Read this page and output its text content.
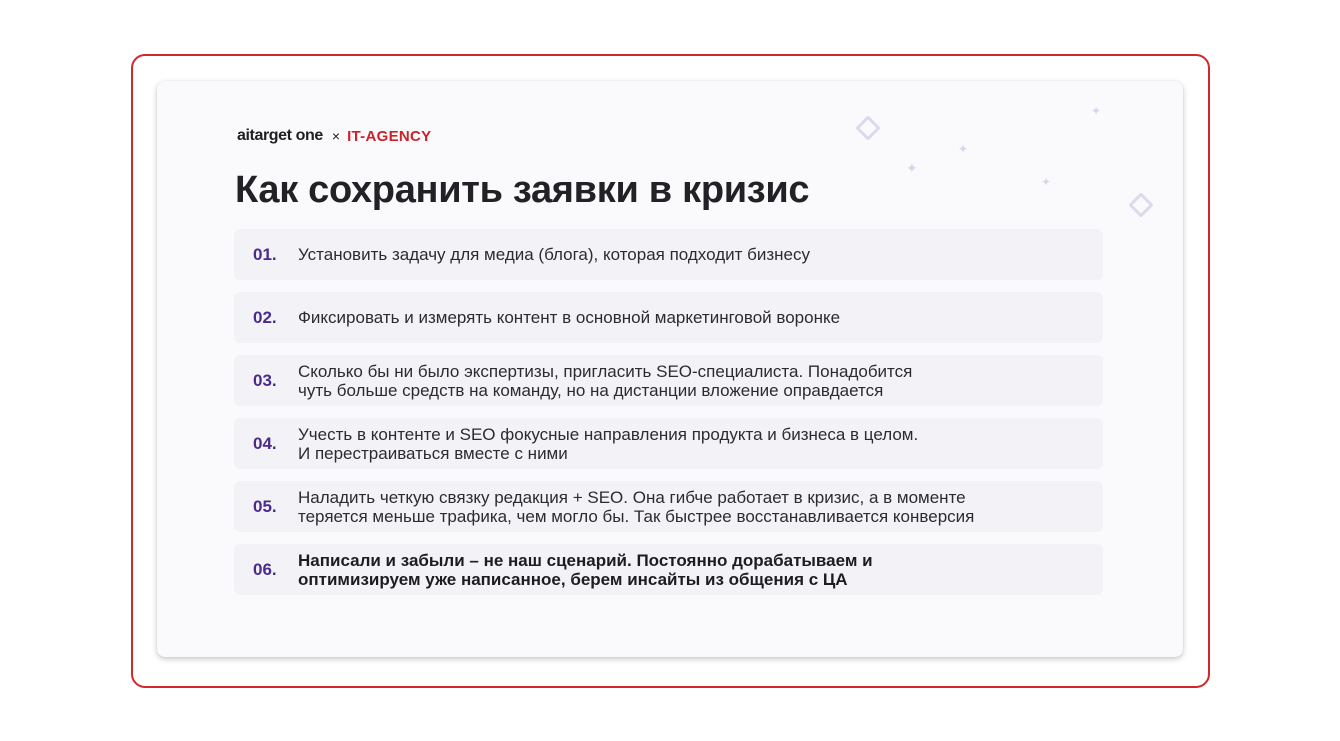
✦
✦
✦
✦
aitarget one × IT-AGENCY
Как сохранить заявки в кризис
01.	Установить задачу для медиа (блога), которая подходит бизнесу
02.	Фиксировать и измерять контент в основной маркетинговой воронке
03.	Сколько бы ни было экспертизы, пригласить SEO-специалиста. Понадобится
чуть больше средств на команду, но на дистанции вложение оправдается
04.	Учесть в контенте и SEO фокусные направления продукта и бизнеса в целом.
И перестраиваться вместе с ними
05.	Наладить четкую связку редакция + SEO. Она гибче работает в кризис, а в моменте
теряется меньше трафика, чем могло бы. Так быстрее восстанавливается конверсия
06.	Написали и забыли – не наш сценарий. Постоянно дорабатываем и
оптимизируем уже написанное, берем инсайты из общения с ЦА
